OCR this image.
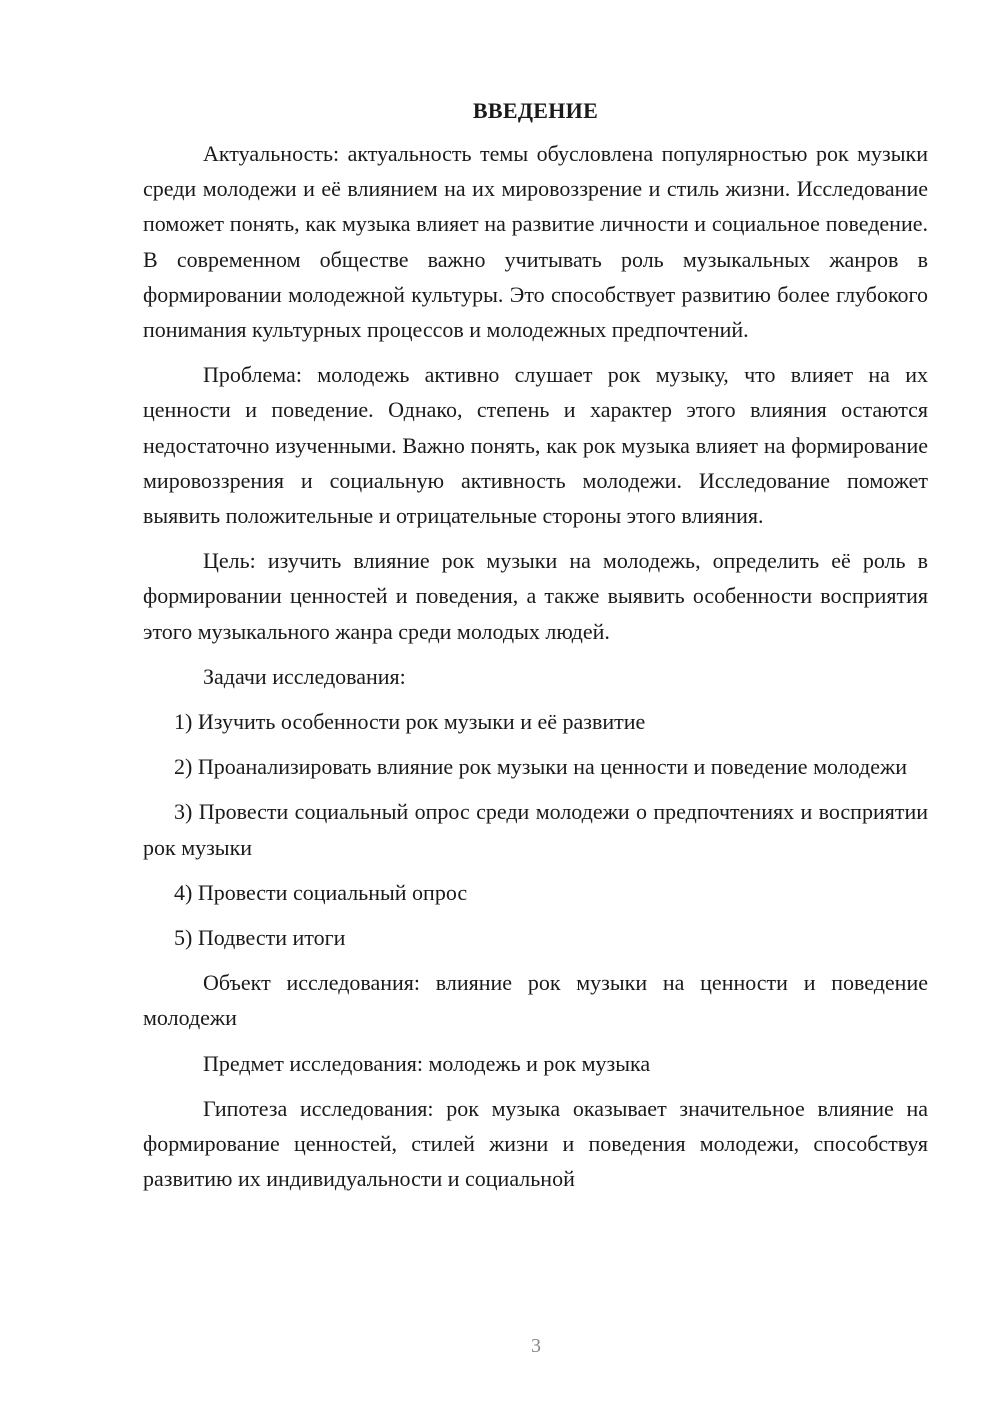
ВВЕДЕНИЕ

Актуальность: актуальность темы обусловлена популярностью рок музыки среди молодежи и её влиянием на их мировоззрение и стиль жизни. Исследование поможет понять, как музыка влияет на развитие личности и социальное поведение. В современном обществе важно учитывать роль музыкальных жанров в формировании молодежной культуры. Это способствует развитию более глубокого понимания культурных процессов и молодежных предпочтений.

Проблема: молодежь активно слушает рок музыку, что влияет на их ценности и поведение. Однако, степень и характер этого влияния остаются недостаточно изученными. Важно понять, как рок музыка влияет на формирование мировоззрения и социальную активность молодежи. Исследование поможет выявить положительные и отрицательные стороны этого влияния.

Цель: изучить влияние рок музыки на молодежь, определить её роль в формировании ценностей и поведения, а также выявить особенности восприятия этого музыкального жанра среди молодых людей.

Задачи исследования:

1) Изучить особенности рок музыки и её развитие

2) Проанализировать влияние рок музыки на ценности и поведение молодежи

3) Провести социальный опрос среди молодежи о предпочтениях и восприятии рок музыки

4) Провести социальный опрос

5) Подвести итоги

Объект исследования: влияние рок музыки на ценности и поведение молодежи

Предмет исследования: молодежь и рок музыка

Гипотеза исследования: рок музыка оказывает значительное влияние на формирование ценностей, стилей жизни и поведения молодежи, способствуя развитию их индивидуальности и социальной

3
